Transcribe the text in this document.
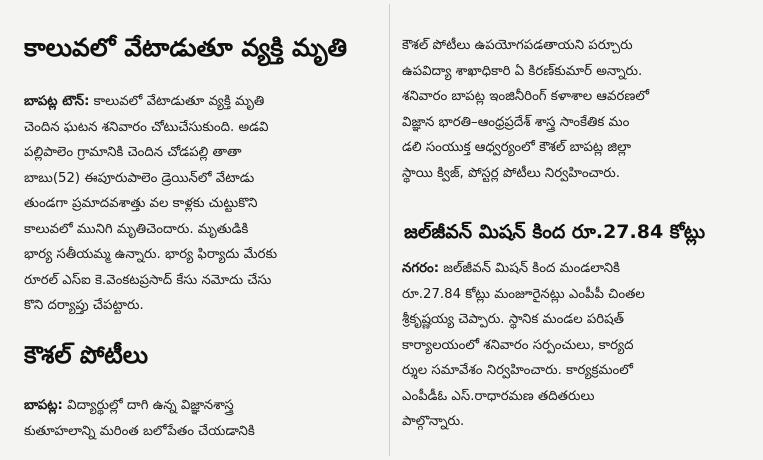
కాలువలో వేటాడుతూ వ్యక్తి మృతి
బాపట్ల టౌన్: కాలువలో వేటాడుతూ వ్యక్తి మృతి
చెందిన ఘటన శనివారం చోటుచేసుకుంది. అడవి
పల్లిపాలెం గ్రామానికి చెందిన చోడపల్లి తాతా
బాబు(52) ఈపూరుపాలెం డ్రెయిన్‌లో వేటాడు
తుండగా ప్రమాదవశాత్తు వల కాళ్లకు చుట్టుకొని
కాలువలో మునిగి మృతిచెందారు. మృతుడికి
భార్య సతీయమ్మ ఉన్నారు. భార్య ఫిర్యాదు మేరకు
రూరల్ ఎస్ఐ కె.వెంకటప్రసాద్ కేసు నమోదు చేసు
కొని దర్యాప్తు చేపట్టారు.
కౌశల్ పోటీలు
బాపట్ల: విద్యార్థుల్లో దాగి ఉన్న విజ్ఞానశాస్త్ర
కుతూహలాన్ని మరింత బలోపేతం చేయడానికి
కౌశల్ పోటీలు ఉపయోగపడతాయని పర్చూరు
ఉపవిద్యా శాఖాధికారి ఏ కిరణ్‌కుమార్ అన్నారు.
శనివారం బాపట్ల ఇంజినీరింగ్ కళాశాల ఆవరణలో
విజ్ఞాన భారతి–ఆంధ్రప్రదేశ్ శాస్త్ర సాంకేతిక మం
డలి సంయుక్త ఆధ్వర్యంలో కౌశల్ బాపట్ల జిల్లా
స్థాయి క్విజ్, పోస్టర్ల పోటీలు నిర్వహించారు.
జల్‌జీవన్ మిషన్ కింద రూ.27.84 కోట్లు
నగరం: జల్‌జీవన్ మిషన్ కింద మండలానికి
రూ.27.84 కోట్లు మంజూరైనట్లు ఎంపీపీ చింతల
శ్రీకృష్ణయ్య చెప్పారు. స్థానిక మండల పరిషత్
కార్యాలయంలో శనివారం సర్పంచులు, కార్యద
ర్శుల సమావేశం నిర్వహించారు. కార్యక్రమంలో
ఎంపీడీఓ ఎస్.రాధారమణ తదితరులు
పాల్గొన్నారు.
